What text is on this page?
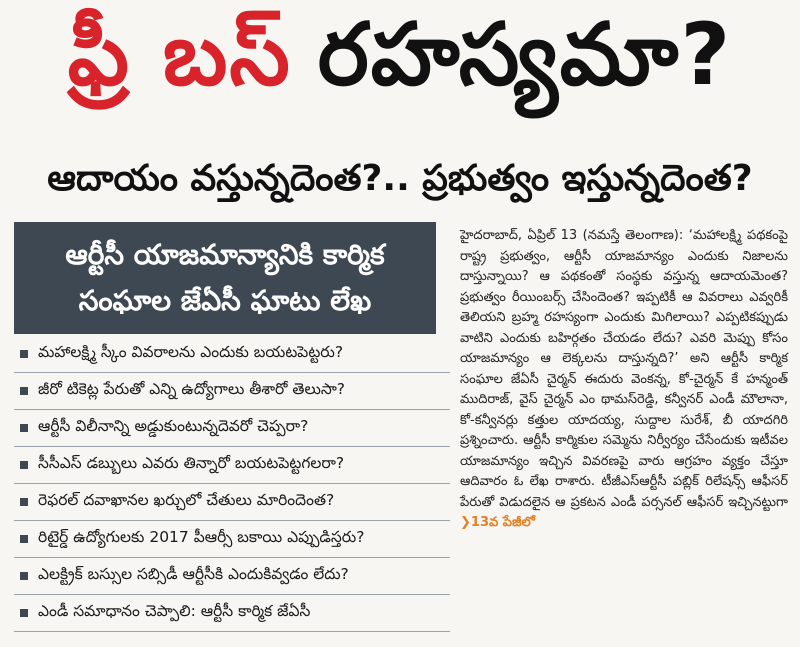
ఫ్రీ బస్ రహస్యమా?
ఆదాయం వస్తున్నదెంత?.. ప్రభుత్వం ఇస్తున్నదెంత?
ఆర్టీసీ యాజమాన్యానికి కార్మిక
సంఘాల జేఏసీ ఘాటు లేఖ
మహాలక్ష్మి స్కీం వివరాలను ఎందుకు బయటపెట్టరు?
జీరో టికెట్ల పేరుతో ఎన్ని ఉద్యోగాలు తీశారో తెలుసా?
ఆర్టీసీ విలీనాన్ని అడ్డుకుంటున్నదెవరో చెప్పరా?
సీసీఎస్ డబ్బులు ఎవరు తిన్నారో బయటపెట్టగలరా?
రెఫరల్ దవాఖానల ఖర్చులో చేతులు మారిందెంత?
రిటైర్డ్ ఉద్యోగులకు 2017 పీఆర్సీ బకాయి ఎప్పుడిస్తరు?
ఎలక్ట్రిక్ బస్సుల సబ్సిడీ ఆర్టీసీకి ఎందుకివ్వడం లేదు?
ఎండీ సమాధానం చెప్పాలి: ఆర్టీసీ కార్మిక జేఏసీ

హైదరాబాద్, ఏప్రిల్ 13 (నమస్తే తెలంగాణ): ‘మహాలక్ష్మి పథకంపై రాష్ట్ర ప్రభుత్వం, ఆర్టీసీ యాజమాన్యం ఎందుకు నిజాలను దాస్తున్నాయి? ఆ పథకంతో సంస్థకు వస్తున్న ఆదాయమెంత? ప్రభుత్వం రీయింబర్స్ చేసిందెంత? ఇప్పటికీ ఆ వివరాలు ఎవ్వరికీ తెలియని బ్రహ్మ రహస్యంగా ఎందుకు మిగిలాయి? ఎప్పటికప్పుడు వాటిని ఎందుకు బహిర్గతం చేయడం లేదు? ఎవరి మెప్పు కోసం యాజమాన్యం ఆ లెక్కలను దాస్తున్నది?’ అని ఆర్టీసీ కార్మిక సంఘాల జేఏసీ చైర్మన్ ఈదురు వెంకన్న, కో-చైర్మన్ కే హన్మంత్ ముదిరాజ్, వైస్ చైర్మన్ ఎం థామస్‌రెడ్డి, కన్వీనర్ ఎండీ మౌలానా, కో-కన్వీనర్లు కత్తుల యాదయ్య, సుద్దాల సురేశ్, బీ యాదగిరి ప్రశ్నించారు. ఆర్టీసీ కార్మికుల సమ్మెను నిర్వీర్యం చేసేందుకు ఇటీవల యాజమాన్యం ఇచ్చిన వివరణపై వారు ఆగ్రహం వ్యక్తం చేస్తూ ఆదివారం ఓ లేఖ రాశారు. టీజీఎస్‌ఆర్టీసీ పబ్లిక్ రిలేషన్స్ ఆఫీసర్ పేరుతో విడుదలైన ఆ ప్రకటన ఎండీ పర్సనల్ ఆఫీసర్ ఇచ్చినట్టుగా ❯13వ పేజీలో
